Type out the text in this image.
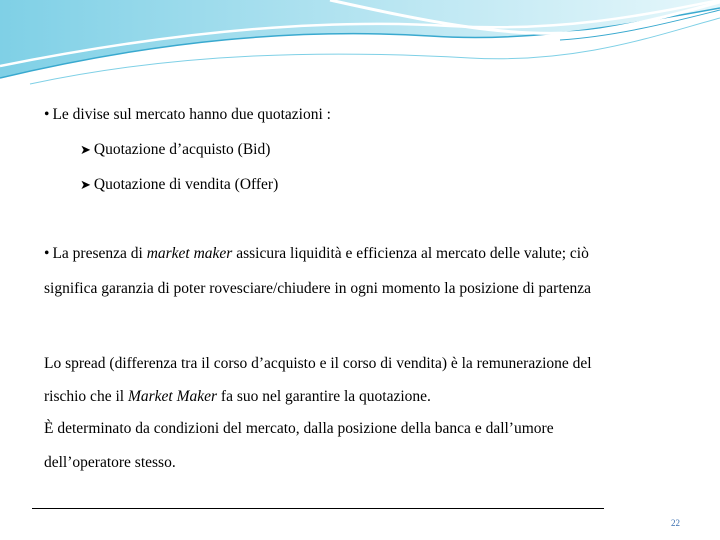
• Le divise sul mercato hanno due quotazioni :
➤ Quotazione d’acquisto (Bid)
➤ Quotazione di vendita (Offer)
• La presenza di market maker assicura liquidità e efficienza al mercato delle valute; ciò
significa garanzia di poter rovesciare/chiudere in ogni momento la posizione di partenza
Lo spread (differenza tra il corso d’acquisto e il corso di vendita) è la remunerazione del
rischio che il Market Maker fa suo nel garantire la quotazione.
È determinato da condizioni del mercato, dalla posizione della banca e dall’umore
dell’operatore stesso.
22
